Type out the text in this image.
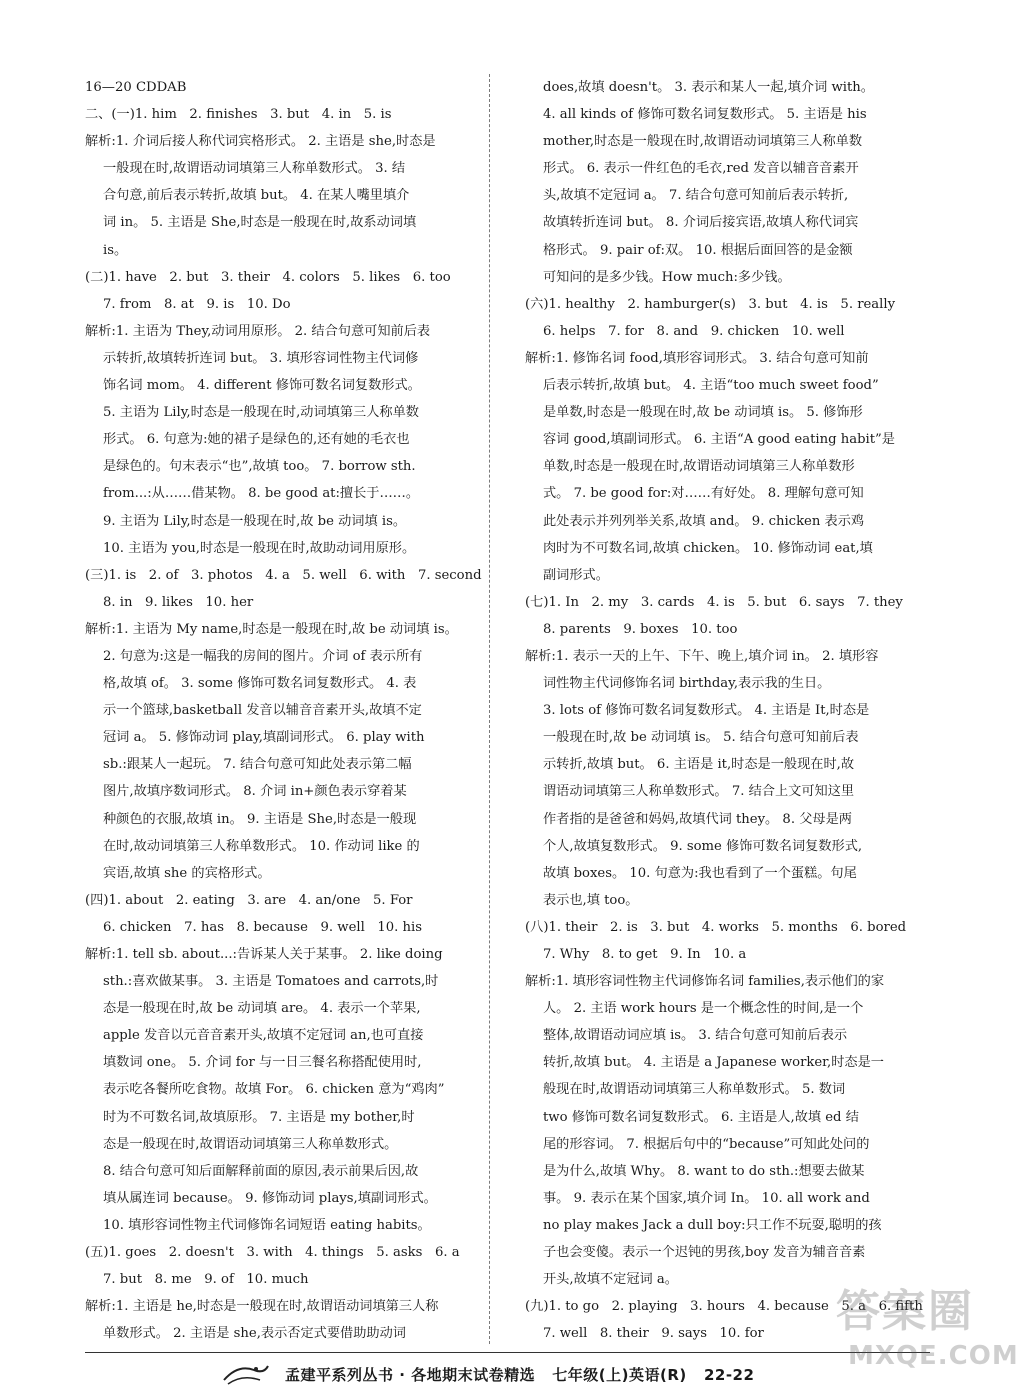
16—20 CDDAB
二、(一)1. him   2. finishes   3. but   4. in   5. is
解析:1. 介词后接人称代词宾格形式。 2. 主语是 she,时态是
一般现在时,故谓语动词填第三人称单数形式。 3. 结
合句意,前后表示转折,故填 but。 4. 在某人嘴里填介
词 in。 5. 主语是 She,时态是一般现在时,故系动词填
is。
(二)1. have   2. but   3. their   4. colors   5. likes   6. too
7. from   8. at   9. is   10. Do
解析:1. 主语为 They,动词用原形。 2. 结合句意可知前后表
示转折,故填转折连词 but。 3. 填形容词性物主代词修
饰名词 mom。 4. different 修饰可数名词复数形式。
5. 主语为 Lily,时态是一般现在时,动词填第三人称单数
形式。 6. 句意为:她的裙子是绿色的,还有她的毛衣也
是绿色的。句末表示“也”,故填 too。 7. borrow sth.
from...:从……借某物。 8. be good at:擅长于……。
9. 主语为 Lily,时态是一般现在时,故 be 动词填 is。
10. 主语为 you,时态是一般现在时,故助动词用原形。
(三)1. is   2. of   3. photos   4. a   5. well   6. with   7. second
8. in   9. likes   10. her
解析:1. 主语为 My name,时态是一般现在时,故 be 动词填 is。
2. 句意为:这是一幅我的房间的图片。介词 of 表示所有
格,故填 of。 3. some 修饰可数名词复数形式。 4. 表
示一个篮球,basketball 发音以辅音音素开头,故填不定
冠词 a。 5. 修饰动词 play,填副词形式。 6. play with
sb.:跟某人一起玩。 7. 结合句意可知此处表示第二幅
图片,故填序数词形式。 8. 介词 in+颜色表示穿着某
种颜色的衣服,故填 in。 9. 主语是 She,时态是一般现
在时,故动词填第三人称单数形式。 10. 作动词 like 的
宾语,故填 she 的宾格形式。
(四)1. about   2. eating   3. are   4. an/one   5. For
6. chicken   7. has   8. because   9. well   10. his
解析:1. tell sb. about...:告诉某人关于某事。 2. like doing
sth.:喜欢做某事。 3. 主语是 Tomatoes and carrots,时
态是一般现在时,故 be 动词填 are。 4. 表示一个苹果,
apple 发音以元音音素开头,故填不定冠词 an,也可直接
填数词 one。 5. 介词 for 与一日三餐名称搭配使用时,
表示吃各餐所吃食物。故填 For。 6. chicken 意为“鸡肉”
时为不可数名词,故填原形。 7. 主语是 my bother,时
态是一般现在时,故谓语动词填第三人称单数形式。
8. 结合句意可知后面解释前面的原因,表示前果后因,故
填从属连词 because。 9. 修饰动词 plays,填副词形式。
10. 填形容词性物主代词修饰名词短语 eating habits。
(五)1. goes   2. doesn't   3. with   4. things   5. asks   6. a
7. but   8. me   9. of   10. much
解析:1. 主语是 he,时态是一般现在时,故谓语动词填第三人称
单数形式。 2. 主语是 she,表示否定式要借助助动词
does,故填 doesn't。 3. 表示和某人一起,填介词 with。
4. all kinds of 修饰可数名词复数形式。 5. 主语是 his
mother,时态是一般现在时,故谓语动词填第三人称单数
形式。 6. 表示一件红色的毛衣,red 发音以辅音音素开
头,故填不定冠词 a。 7. 结合句意可知前后表示转折,
故填转折连词 but。 8. 介词后接宾语,故填人称代词宾
格形式。 9. pair of:双。 10. 根据后面回答的是金额
可知问的是多少钱。How much:多少钱。
(六)1. healthy   2. hamburger(s)   3. but   4. is   5. really
6. helps   7. for   8. and   9. chicken   10. well
解析:1. 修饰名词 food,填形容词形式。 3. 结合句意可知前
后表示转折,故填 but。 4. 主语“too much sweet food”
是单数,时态是一般现在时,故 be 动词填 is。 5. 修饰形
容词 good,填副词形式。 6. 主语“A good eating habit”是
单数,时态是一般现在时,故谓语动词填第三人称单数形
式。 7. be good for:对……有好处。 8. 理解句意可知
此处表示并列列举关系,故填 and。 9. chicken 表示鸡
肉时为不可数名词,故填 chicken。 10. 修饰动词 eat,填
副词形式。
(七)1. In   2. my   3. cards   4. is   5. but   6. says   7. they
8. parents   9. boxes   10. too
解析:1. 表示一天的上午、下午、晚上,填介词 in。 2. 填形容
词性物主代词修饰名词 birthday,表示我的生日。
3. lots of 修饰可数名词复数形式。 4. 主语是 It,时态是
一般现在时,故 be 动词填 is。 5. 结合句意可知前后表
示转折,故填 but。 6. 主语是 it,时态是一般现在时,故
谓语动词填第三人称单数形式。 7. 结合上文可知这里
作者指的是爸爸和妈妈,故填代词 they。 8. 父母是两
个人,故填复数形式。 9. some 修饰可数名词复数形式,
故填 boxes。 10. 句意为:我也看到了一个蛋糕。句尾
表示也,填 too。
(八)1. their   2. is   3. but   4. works   5. months   6. bored
7. Why   8. to get   9. In   10. a
解析:1. 填形容词性物主代词修饰名词 families,表示他们的家
人。 2. 主语 work hours 是一个概念性的时间,是一个
整体,故谓语动词应填 is。 3. 结合句意可知前后表示
转折,故填 but。 4. 主语是 a Japanese worker,时态是一
般现在时,故谓语动词填第三人称单数形式。 5. 数词
two 修饰可数名词复数形式。 6. 主语是人,故填 ed 结
尾的形容词。 7. 根据后句中的“because”可知此处问的
是为什么,故填 Why。 8. want to do sth.:想要去做某
事。 9. 表示在某个国家,填介词 In。 10. all work and
no play makes Jack a dull boy:只工作不玩耍,聪明的孩
子也会变傻。表示一个迟钝的男孩,boy 发音为辅音音素
开头,故填不定冠词 a。
(九)1. to go   2. playing   3. hours   4. because   5. a   6. fifth
7. well   8. their   9. says   10. for
孟建平系列丛书 · 各地期末试卷精选   七年级(上)英语(R)   22-22
答案圈
MXQE.COM
